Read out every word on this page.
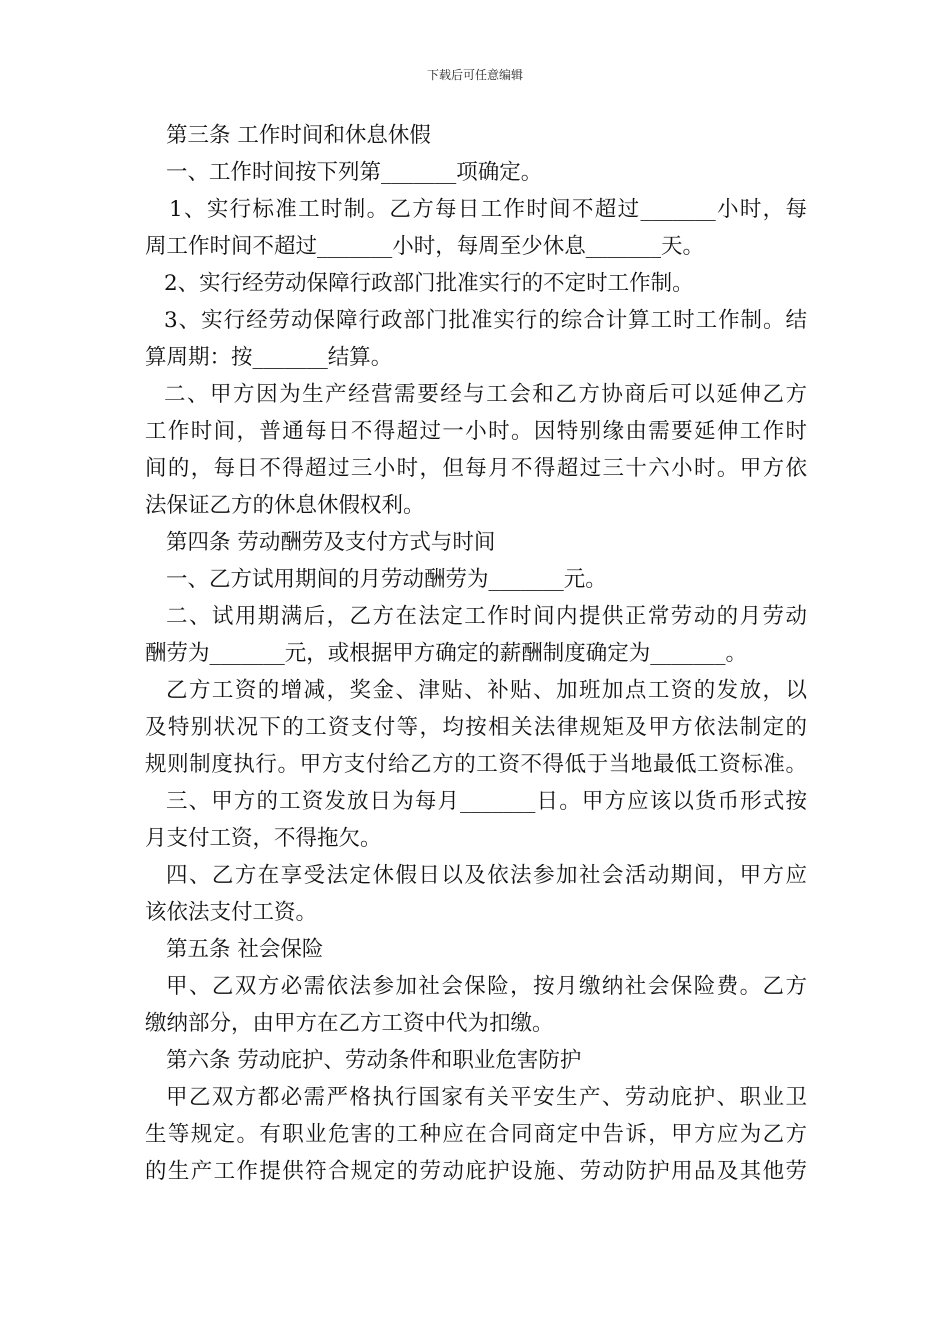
下载后可任意编辑
第三条 工作时间和休息休假
一、工作时间按下列第_______项确定。
1、实行标准工时制。乙方每日工作时间不超过_______小时，每
周工作时间不超过_______小时，每周至少休息_______天。
2、实行经劳动保障行政部门批准实行的不定时工作制。
3、实行经劳动保障行政部门批准实行的综合计算工时工作制。结
算周期：按_______结算。
二、甲方因为生产经营需要经与工会和乙方协商后可以延伸乙方
工作时间，普通每日不得超过一小时。因特别缘由需要延伸工作时
间的，每日不得超过三小时，但每月不得超过三十六小时。甲方依
法保证乙方的休息休假权利。
第四条 劳动酬劳及支付方式与时间
一、乙方试用期间的月劳动酬劳为_______元。
二、试用期满后，乙方在法定工作时间内提供正常劳动的月劳动
酬劳为_______元，或根据甲方确定的薪酬制度确定为_______。
乙方工资的增减，奖金、津贴、补贴、加班加点工资的发放，以
及特别状况下的工资支付等，均按相关法律规矩及甲方依法制定的
规则制度执行。甲方支付给乙方的工资不得低于当地最低工资标准。
三、甲方的工资发放日为每月_______日。甲方应该以货币形式按
月支付工资，不得拖欠。
四、乙方在享受法定休假日以及依法参加社会活动期间，甲方应
该依法支付工资。
第五条 社会保险
甲、乙双方必需依法参加社会保险，按月缴纳社会保险费。乙方
缴纳部分，由甲方在乙方工资中代为扣缴。
第六条 劳动庇护、劳动条件和职业危害防护
甲乙双方都必需严格执行国家有关平安生产、劳动庇护、职业卫
生等规定。有职业危害的工种应在合同商定中告诉，甲方应为乙方
的生产工作提供符合规定的劳动庇护设施、劳动防护用品及其他劳
